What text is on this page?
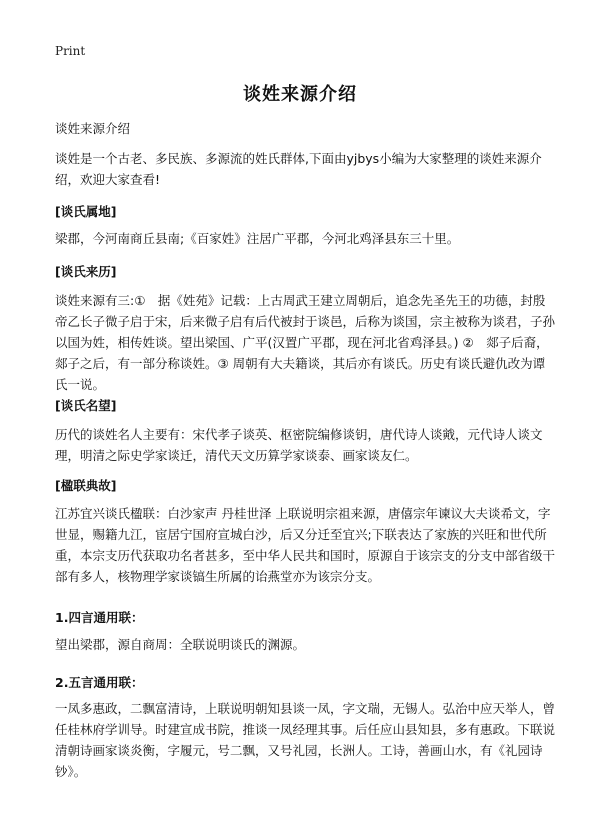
Print
谈姓来源介绍
谈姓来源介绍
谈姓是一个古老、多民族、多源流的姓氏群体,下面由yjbys小编为大家整理的谈姓来源介绍，欢迎大家查看!
[谈氏属地]
梁郡，今河南商丘县南;《百家姓》注居广平郡，今河北鸡泽县东三十里。
[谈氏来历]
谈姓来源有三:①　据《姓苑》记载：上古周武王建立周朝后，追念先圣先王的功德，封殷帝乙长子微子启于宋，后来微子启有后代被封于谈邑，后称为谈国，宗主被称为谈君，子孙以国为姓，相传姓谈。望出梁国、广平(汉置广平郡，现在河北省鸡泽县。) ②　郯子后裔，郯子之后，有一部分称谈姓。③ 周朝有大夫籍谈，其后亦有谈氏。历史有谈氏避仇改为谭氏一说。
[谈氏名望]
历代的谈姓名人主要有：宋代孝子谈英、枢密院编修谈钥，唐代诗人谈戭，元代诗人谈文理，明清之际史学家谈迁，清代天文历算学家谈泰、画家谈友仁。
[楹联典故]
江苏宜兴谈氏楹联：白沙家声 丹桂世泽 上联说明宗祖来源，唐僖宗年谏议大夫谈希文，字世显，赐籍九江，宦居宁国府宣城白沙，后又分迁至宜兴;下联表达了家族的兴旺和世代所重，本宗支历代获取功名者甚多，至中华人民共和国时，原源自于该宗支的分支中部省级干部有多人，核物理学家谈镐生所属的诒燕堂亦为该宗分支。
1.四言通用联：
望出梁郡，源自商周：全联说明谈氏的渊源。
2.五言通用联：
一凤多惠政，二飘富清诗，上联说明朝知县谈一凤，字文瑞，无锡人。弘治中应天举人，曾任桂林府学训导。时建宣成书院，推谈一凤经理其事。后任应山县知县，多有惠政。下联说清朝诗画家谈炎衡，字履元，号二飘，又号礼园，长洲人。工诗，善画山水，有《礼园诗钞》。
